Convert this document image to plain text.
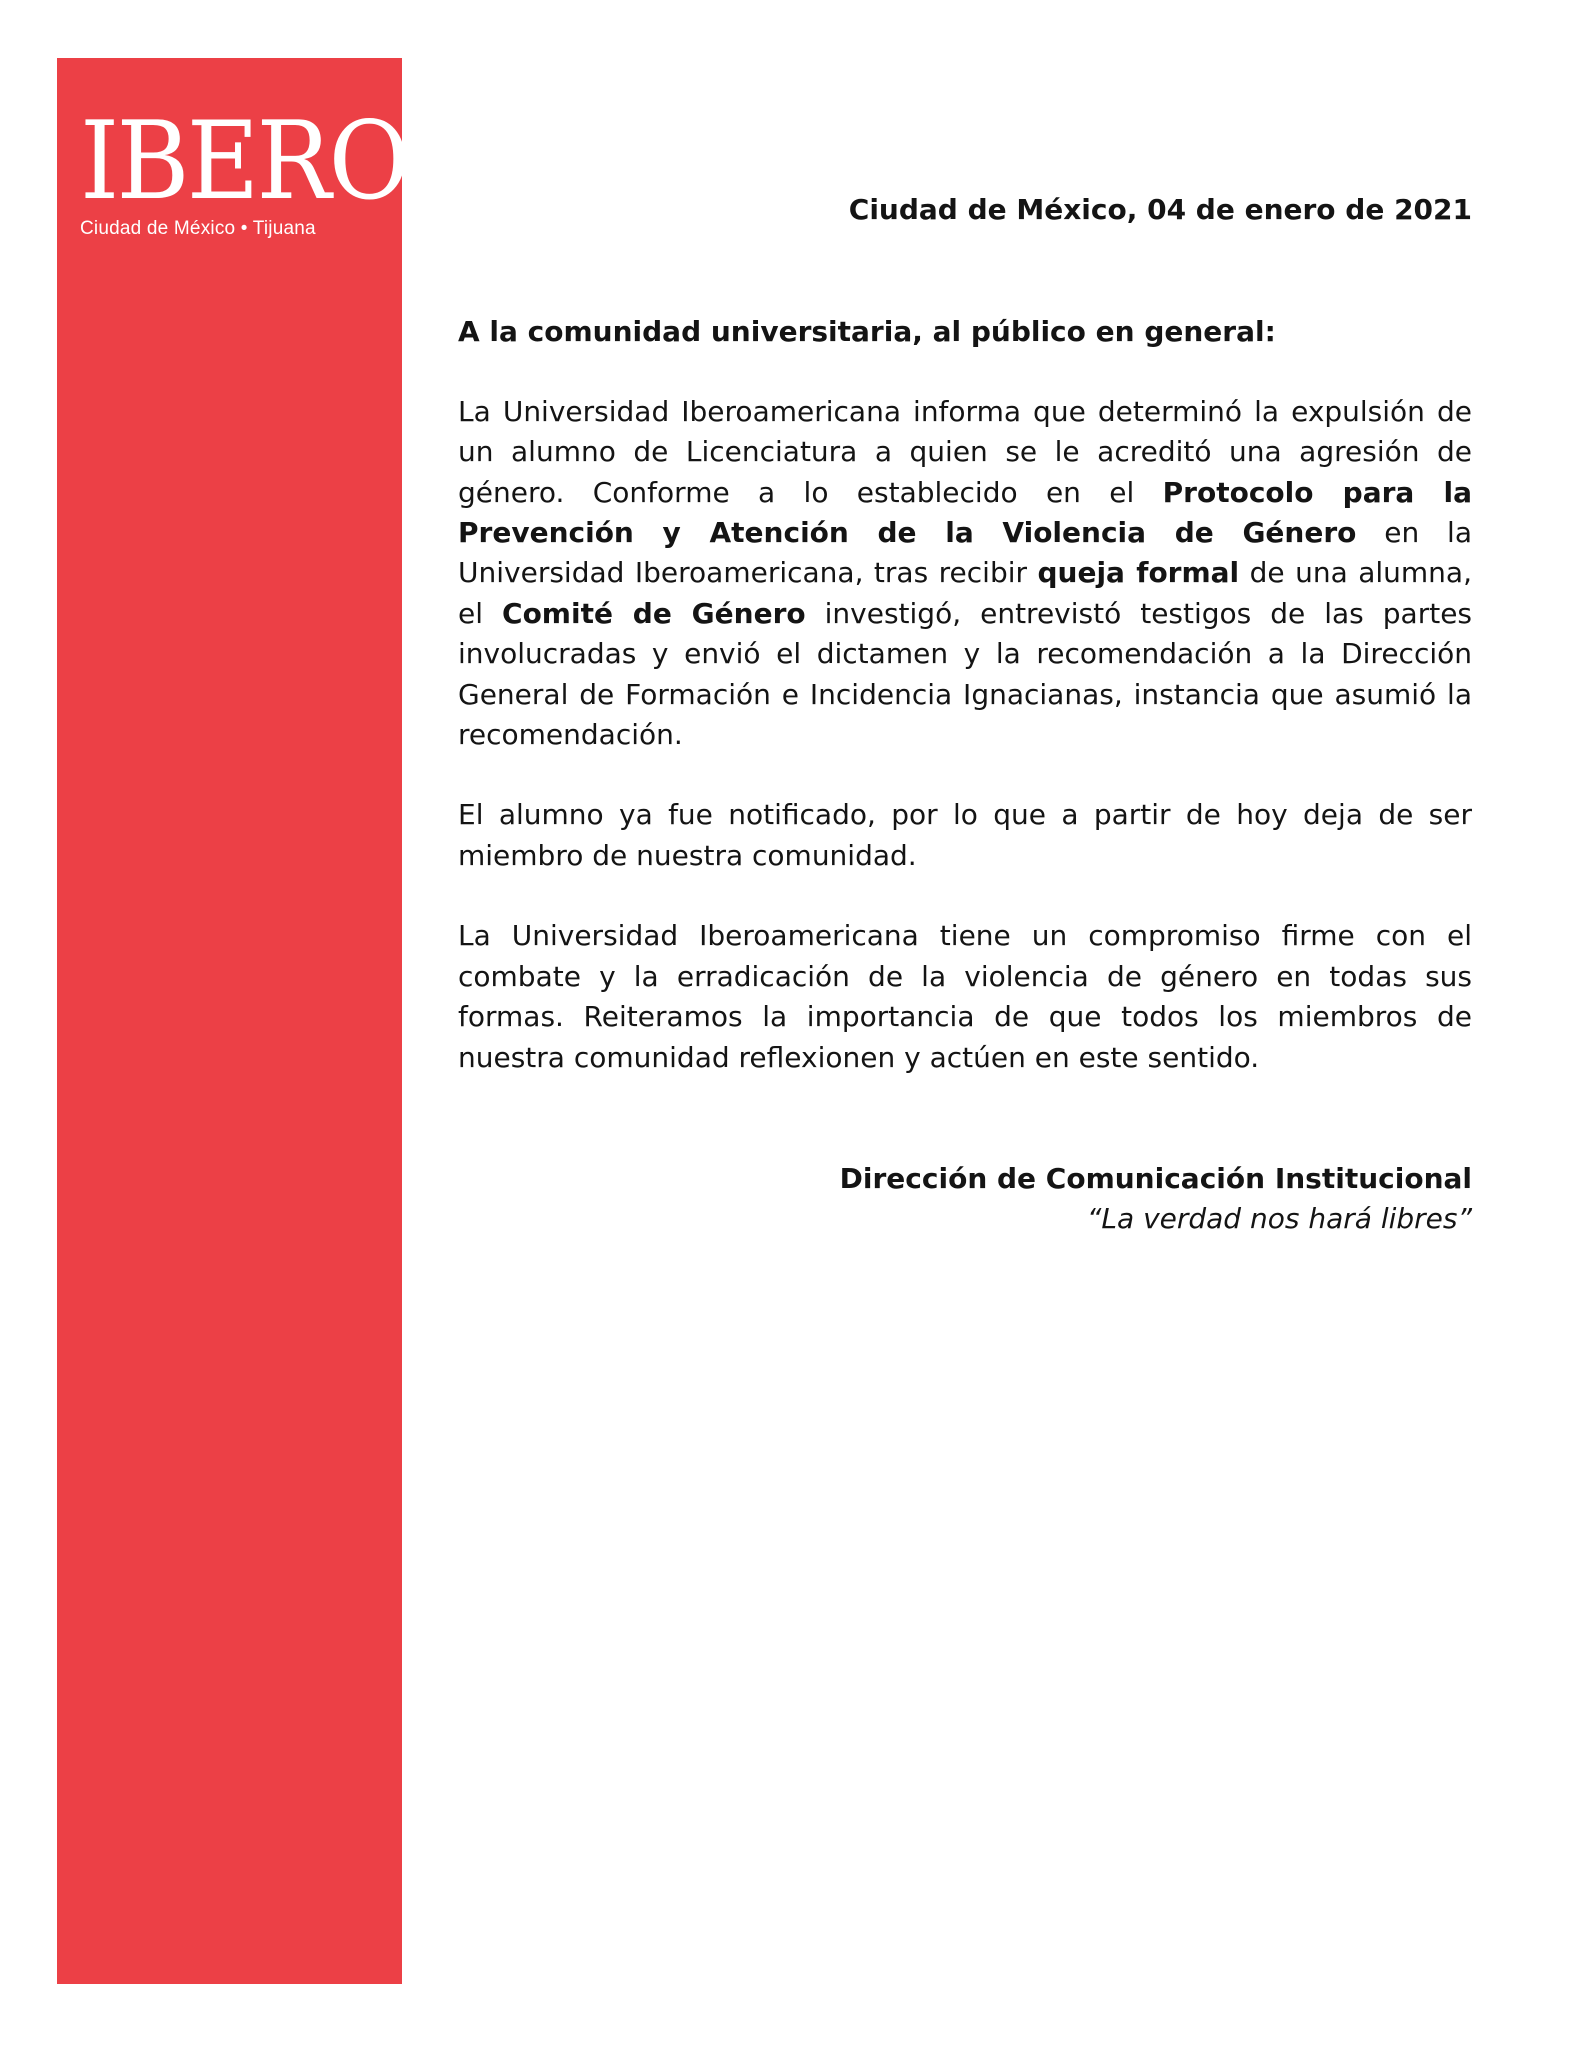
IBERO
Ciudad de México • Tijuana

Ciudad de México, 04 de enero de 2021

A la comunidad universitaria, al público en general:

La Universidad Iberoamericana informa que determinó la expulsión de un alumno de Licenciatura a quien se le acreditó una agresión de género. Conforme a lo establecido en el Protocolo para la Prevención y Atención de la Violencia de Género en la Universidad Iberoamericana, tras recibir queja formal de una alumna, el Comité de Género investigó, entrevistó testigos de las partes involucradas y envió el dictamen y la recomendación a la Dirección General de Formación e Incidencia Ignacianas, instancia que asumió la recomendación.

El alumno ya fue notificado, por lo que a partir de hoy deja de ser miembro de nuestra comunidad.

La Universidad Iberoamericana tiene un compromiso firme con el combate y la erradicación de la violencia de género en todas sus formas. Reiteramos la importancia de que todos los miembros de nuestra comunidad reflexionen y actúen en este sentido.

Dirección de Comunicación Institucional
“La verdad nos hará libres”
